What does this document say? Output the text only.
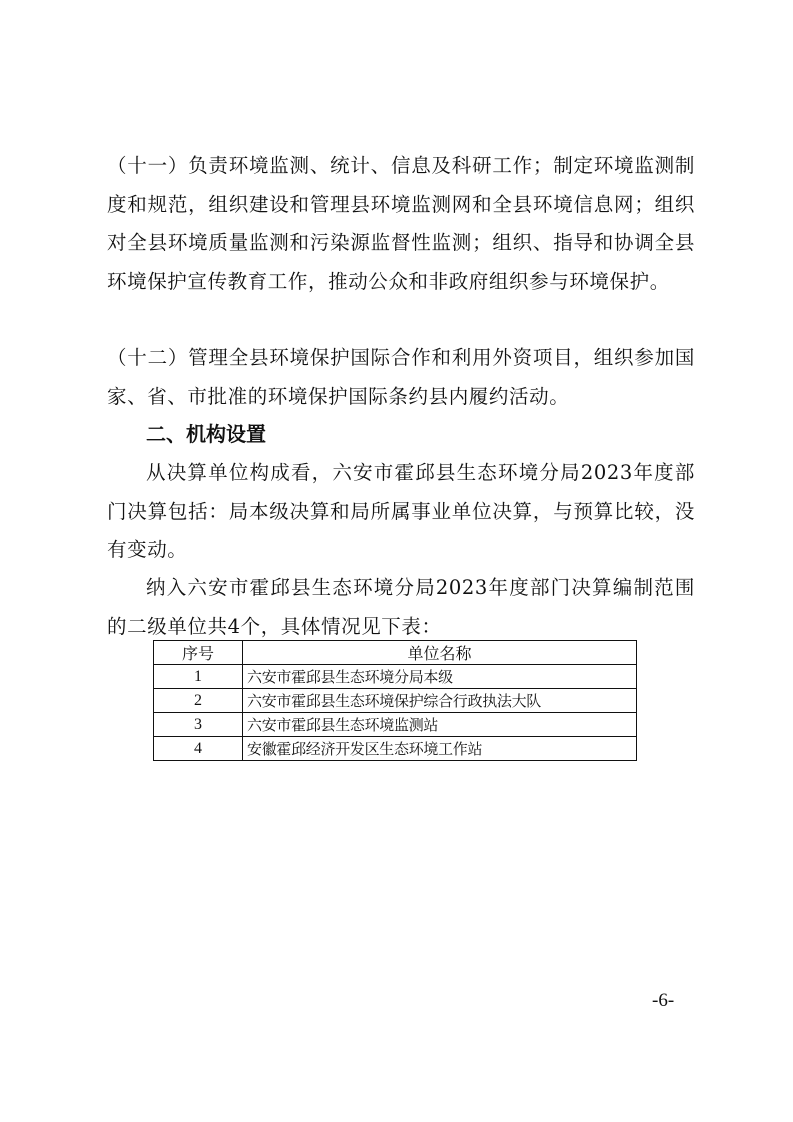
（十一）负责环境监测、统计、信息及科研工作；制定环境监测制度和规范，组织建设和管理县环境监测网和全县环境信息网；组织对全县环境质量监测和污染源监督性监测；组织、指导和协调全县环境保护宣传教育工作，推动公众和非政府组织参与环境保护。

（十二）管理全县环境保护国际合作和利用外资项目，组织参加国家、省、市批准的环境保护国际条约县内履约活动。

二、机构设置

从决算单位构成看，六安市霍邱县生态环境分局2023年度部门决算包括：局本级决算和局所属事业单位决算，与预算比较，没有变动。

纳入六安市霍邱县生态环境分局2023年度部门决算编制范围的二级单位共4个，具体情况见下表：

序号	单位名称
1	六安市霍邱县生态环境分局本级
2	六安市霍邱县生态环境保护综合行政执法大队
3	六安市霍邱县生态环境监测站
4	安徽霍邱经济开发区生态环境工作站
-6-
